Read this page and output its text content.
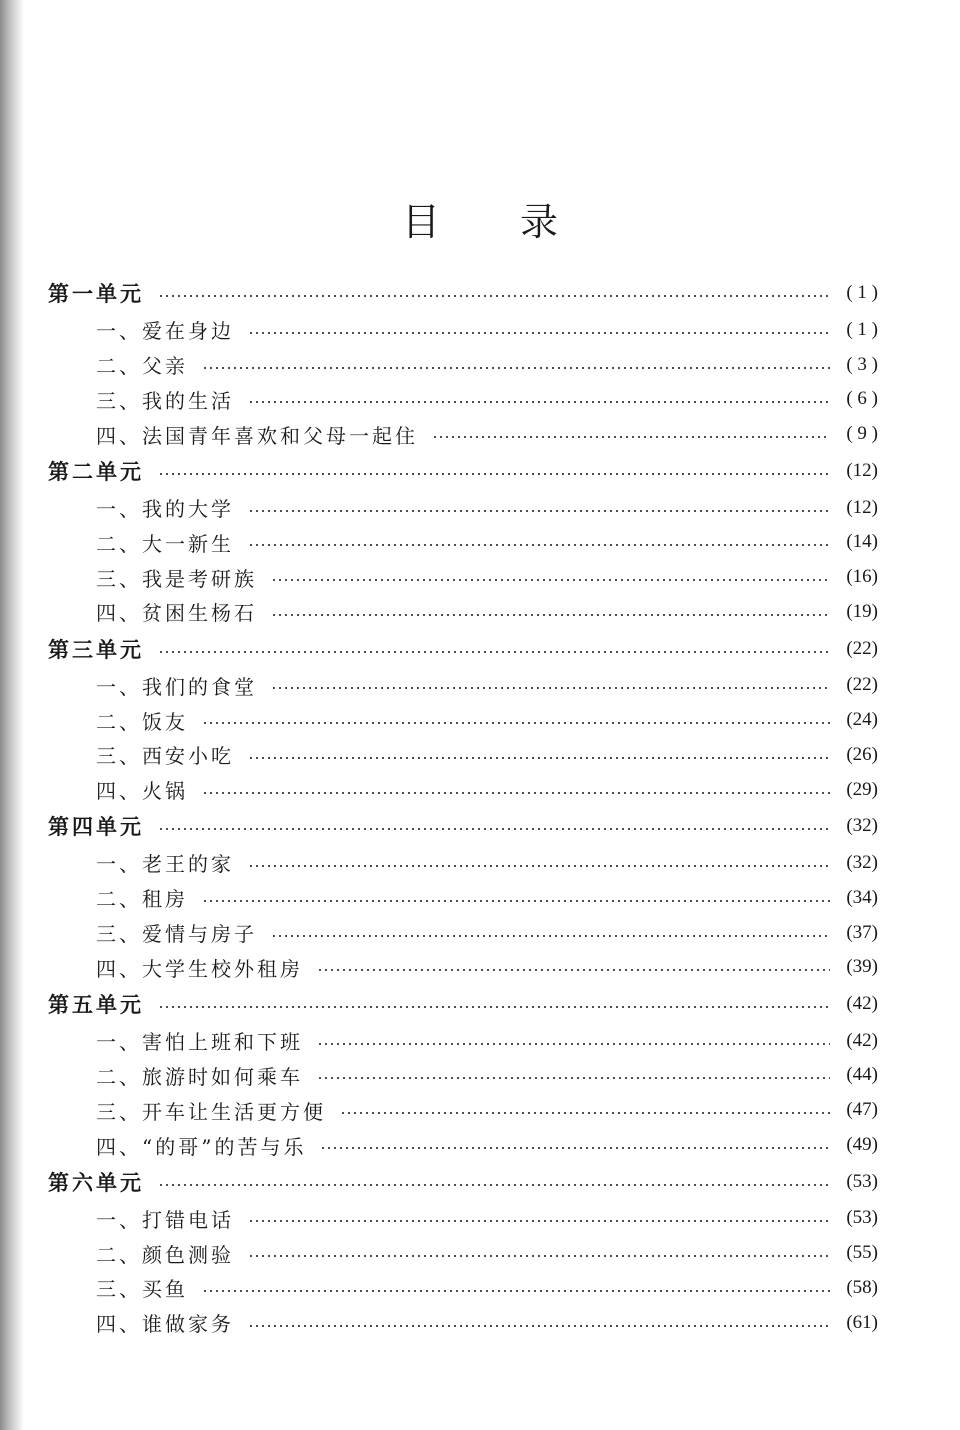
目 录
第一单元	( 1 )
一、爱在身边	( 1 )
二、父亲	( 3 )
三、我的生活	( 6 )
四、法国青年喜欢和父母一起住	( 9 )
第二单元	(12)
一、我的大学	(12)
二、大一新生	(14)
三、我是考研族	(16)
四、贫困生杨石	(19)
第三单元	(22)
一、我们的食堂	(22)
二、饭友	(24)
三、西安小吃	(26)
四、火锅	(29)
第四单元	(32)
一、老王的家	(32)
二、租房	(34)
三、爱情与房子	(37)
四、大学生校外租房	(39)
第五单元	(42)
一、害怕上班和下班	(42)
二、旅游时如何乘车	(44)
三、开车让生活更方便	(47)
四、“的哥”的苦与乐	(49)
第六单元	(53)
一、打错电话	(53)
二、颜色测验	(55)
三、买鱼	(58)
四、谁做家务	(61)
